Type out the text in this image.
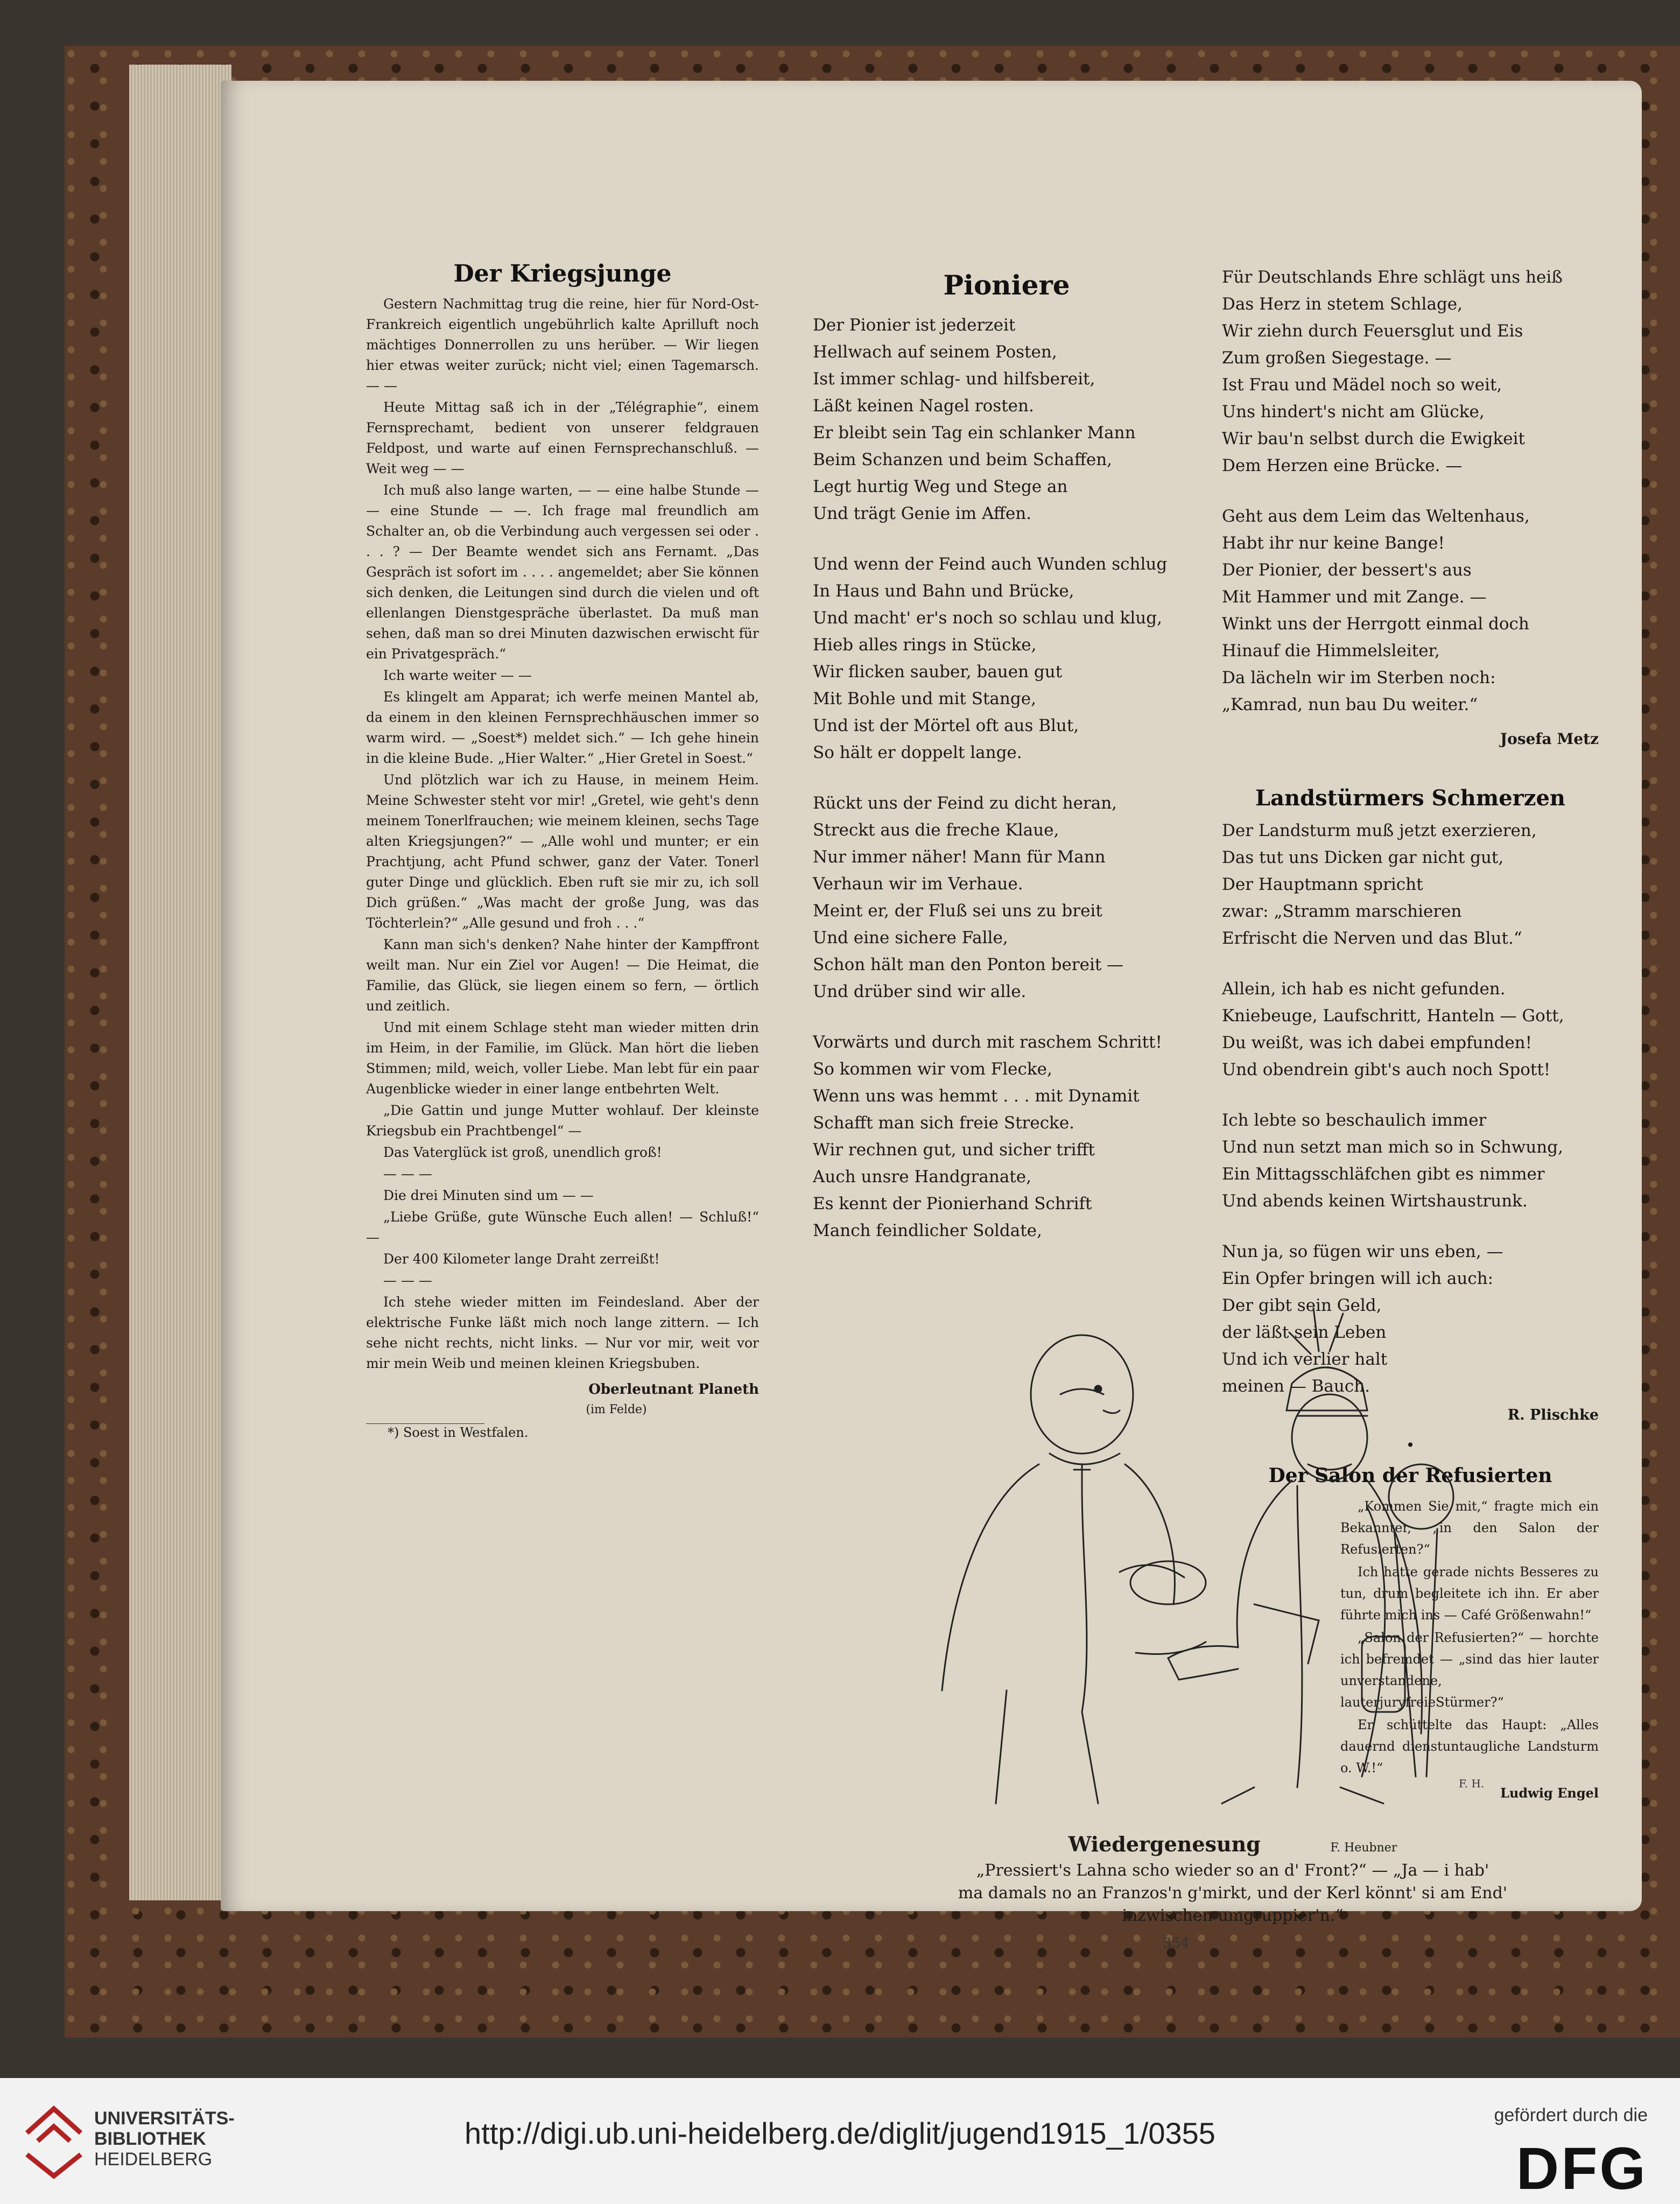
Der Kriegsjunge

Gestern Nachmittag trug die reine, hier für Nord-Ost-Frankreich eigentlich ungebührlich kalte Aprilluft noch mächtiges Donnerrollen zu uns herüber. — Wir liegen hier etwas weiter zurück; nicht viel; einen Tagemarsch. — —

Heute Mittag saß ich in der „Télégraphie“, einem Fernsprechamt, bedient von unserer feldgrauen Feldpost, und warte auf einen Fernsprechanschluß. — Weit weg — —

Ich muß also lange warten, — — eine halbe Stunde — — eine Stunde — —. Ich frage mal freundlich am Schalter an, ob die Verbindung auch vergessen sei oder . . . ? — Der Beamte wendet sich ans Fernamt. „Das Gespräch ist sofort im . . . . angemeldet; aber Sie können sich denken, die Leitungen sind durch die vielen und oft ellenlangen Dienstgespräche überlastet. Da muß man sehen, daß man so drei Minuten dazwischen erwischt für ein Privatgespräch.“

Ich warte weiter — —

Es klingelt am Apparat; ich werfe meinen Mantel ab, da einem in den kleinen Fernsprechhäuschen immer so warm wird. — „Soest*) meldet sich.“ — Ich gehe hinein in die kleine Bude. „Hier Walter.“ „Hier Gretel in Soest.“

Und plötzlich war ich zu Hause, in meinem Heim. Meine Schwester steht vor mir! „Gretel, wie geht's denn meinem Tonerlfrauchen; wie meinem kleinen, sechs Tage alten Kriegsjungen?“ — „Alle wohl und munter; er ein Prachtjung, acht Pfund schwer, ganz der Vater. Tonerl guter Dinge und glücklich. Eben ruft sie mir zu, ich soll Dich grüßen.“ „Was macht der große Jung, was das Töchterlein?“ „Alle gesund und froh . . .“

Kann man sich's denken? Nahe hinter der Kampffront weilt man. Nur ein Ziel vor Augen! — Die Heimat, die Familie, das Glück, sie liegen einem so fern, — örtlich und zeitlich.

Und mit einem Schlage steht man wieder mitten drin im Heim, in der Familie, im Glück. Man hört die lieben Stimmen; mild, weich, voller Liebe. Man lebt für ein paar Augenblicke wieder in einer lange entbehrten Welt.

„Die Gattin und junge Mutter wohlauf. Der kleinste Kriegsbub ein Prachtbengel“ —

Das Vaterglück ist groß, unendlich groß!

— — —

Die drei Minuten sind um — —

„Liebe Grüße, gute Wünsche Euch allen! — Schluß!“ —

Der 400 Kilometer lange Draht zerreißt!

— — —

Ich stehe wieder mitten im Feindesland. Aber der elektrische Funke läßt mich noch lange zittern. — Ich sehe nicht rechts, nicht links. — Nur vor mir, weit vor mir mein Weib und meinen kleinen Kriegsbuben.

Oberleutnant Planeth
(im Felde)
*) Soest in Westfalen.
Pioniere
Der Pionier ist jederzeit
Hellwach auf seinem Posten,
Ist immer schlag- und hilfsbereit,
Läßt keinen Nagel rosten.
Er bleibt sein Tag ein schlanker Mann
Beim Schanzen und beim Schaffen,
Legt hurtig Weg und Stege an
Und trägt Genie im Affen.
Und wenn der Feind auch Wunden schlug
In Haus und Bahn und Brücke,
Und macht' er's noch so schlau und klug,
Hieb alles rings in Stücke,
Wir flicken sauber, bauen gut
Mit Bohle und mit Stange,
Und ist der Mörtel oft aus Blut,
So hält er doppelt lange.
Rückt uns der Feind zu dicht heran,
Streckt aus die freche Klaue,
Nur immer näher! Mann für Mann
Verhaun wir im Verhaue.
Meint er, der Fluß sei uns zu breit
Und eine sichere Falle,
Schon hält man den Ponton bereit —
Und drüber sind wir alle.
Vorwärts und durch mit raschem Schritt!
So kommen wir vom Flecke,
Wenn uns was hemmt . . . mit Dynamit
Schafft man sich freie Strecke.
Wir rechnen gut, und sicher trifft
Auch unsre Handgranate,
Es kennt der Pionierhand Schrift
Manch feindlicher Soldate,
Für Deutschlands Ehre schlägt uns heiß
Das Herz in stetem Schlage,
Wir ziehn durch Feuersglut und Eis
Zum großen Siegestage. —
Ist Frau und Mädel noch so weit,
Uns hindert's nicht am Glücke,
Wir bau'n selbst durch die Ewigkeit
Dem Herzen eine Brücke. —
Geht aus dem Leim das Weltenhaus,
Habt ihr nur keine Bange!
Der Pionier, der bessert's aus
Mit Hammer und mit Zange. —
Winkt uns der Herrgott einmal doch
Hinauf die Himmelsleiter,
Da lächeln wir im Sterben noch:
„Kamrad, nun bau Du weiter.“
Josefa Metz
Landstürmers Schmerzen
Der Landsturm muß jetzt exerzieren,
Das tut uns Dicken gar nicht gut,
Der Hauptmann spricht
zwar: „Stramm marschieren
Erfrischt die Nerven und das Blut.“
Allein, ich hab es nicht gefunden.
Kniebeuge, Laufschritt, Hanteln — Gott,
Du weißt, was ich dabei empfunden!
Und obendrein gibt's auch noch Spott!
Ich lebte so beschaulich immer
Und nun setzt man mich so in Schwung,
Ein Mittagsschläfchen gibt es nimmer
Und abends keinen Wirtshaustrunk.
Nun ja, so fügen wir uns eben, —
Ein Opfer bringen will ich auch:
Der gibt sein Geld,
der läßt sein Leben
Und ich verlier halt
meinen — Bauch.
R. Plischke
•
Der Salon der Refusierten

„Kommen Sie mit,“ fragte mich ein Bekannter, „in den Salon der Refusierten?“

Ich hatte gerade nichts Besseres zu tun, drum begleitete ich ihn. Er aber führte mich ins — Café Größenwahn!“

„Salon der Refusierten?“ — horchte ich befremdet — „sind das hier lauter unverstandene, lauterjuryfreieStürmer?“

Er schüttelte das Haupt: „Alles dauernd dienstuntaugliche Landsturm o. W.!“

Ludwig Engel
F. H.
Wiedergenesung	F. Heubner
„Pressiert's Lahna scho wieder so an d' Front?“ — „Ja — i hab'
ma damals no an Franzos'n g'mirkt, und der Kerl könnt' si am End'
inzwischen umgruppier'n.“
354
UNIVERSITÄTS-
BIBLIOTHEK
HEIDELBERG
http://digi.ub.uni-heidelberg.de/diglit/jugend1915_1/0355
gefördert durch die
DFG
